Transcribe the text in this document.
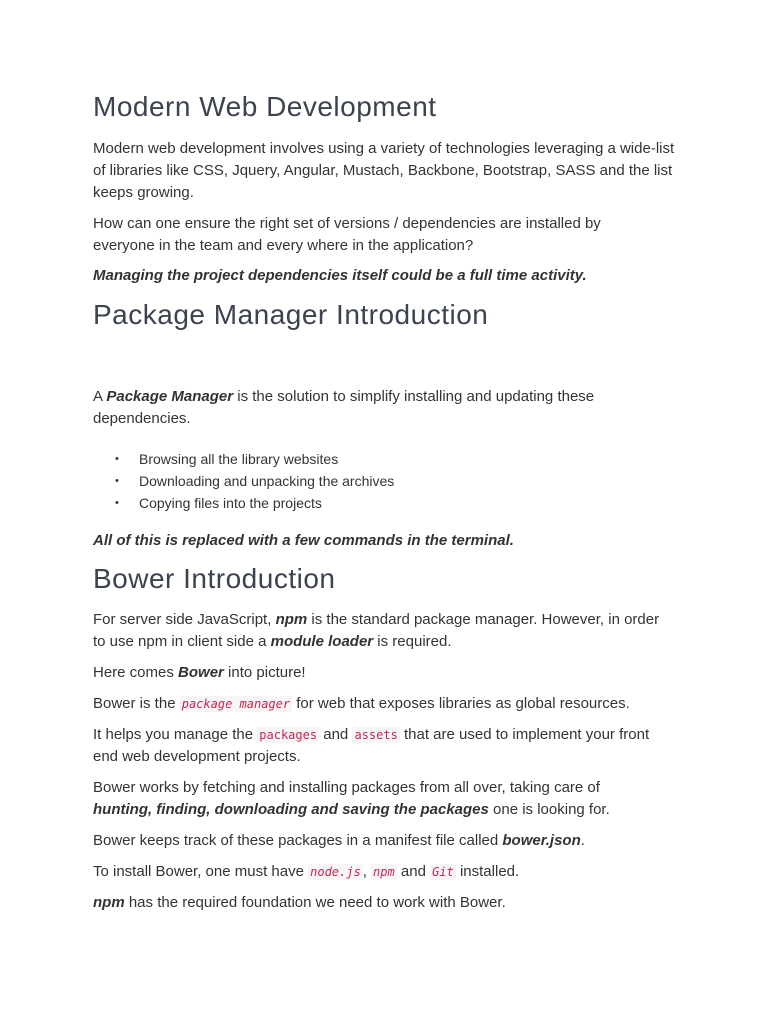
Modern Web Development

Modern web development involves using a variety of technologies leveraging a wide-list of libraries like CSS, Jquery, Angular, Mustach, Backbone, Bootstrap, SASS and the list keeps growing.

How can one ensure the right set of versions / dependencies are installed by everyone in the team and every where in the application?

Managing the project dependencies itself could be a full time activity.

Package Manager Introduction

A Package Manager is the solution to simplify installing and updating these dependencies.

• Browsing all the library websites
• Downloading and unpacking the archives
• Copying files into the projects

All of this is replaced with a few commands in the terminal.

Bower Introduction

For server side JavaScript, npm is the standard package manager. However, in order to use npm in client side a module loader is required.

Here comes Bower into picture!

Bower is the package manager for web that exposes libraries as global resources.

It helps you manage the packages and assets that are used to implement your front end web development projects.

Bower works by fetching and installing packages from all over, taking care of hunting, finding, downloading and saving the packages one is looking for.

Bower keeps track of these packages in a manifest file called bower.json.

To install Bower, one must have node.js , npm and Git installed.

npm has the required foundation we need to work with Bower.
